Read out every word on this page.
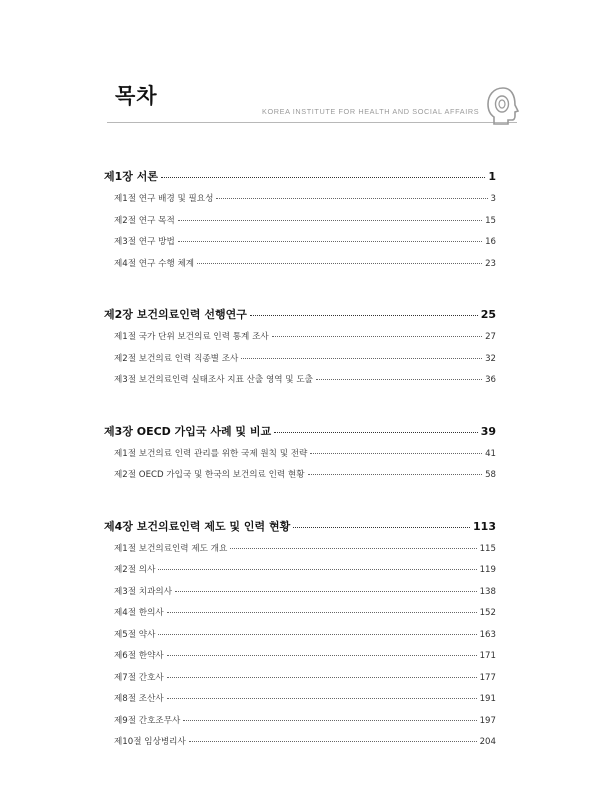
목차
KOREA INSTITUTE FOR HEALTH AND SOCIAL AFFAIRS
제1장 서론	1
제1절 연구 배경 및 필요성	3
제2절 연구 목적	15
제3절 연구 방법	16
제4절 연구 수행 체계	23
제2장 보건의료인력 선행연구	25
제1절 국가 단위 보건의료 인력 통계 조사	27
제2절 보건의료 인력 직종별 조사	32
제3절 보건의료인력 실태조사 지표 산출 영역 및 도출	36
제3장 OECD 가입국 사례 및 비교	39
제1절 보건의료 인력 관리를 위한 국제 원칙 및 전략	41
제2절 OECD 가입국 및 한국의 보건의료 인력 현황	58
제4장 보건의료인력 제도 및 인력 현황	113
제1절 보건의료인력 제도 개요	115
제2절 의사	119
제3절 치과의사	138
제4절 한의사	152
제5절 약사	163
제6절 한약사	171
제7절 간호사	177
제8절 조산사	191
제9절 간호조무사	197
제10절 임상병리사	204
